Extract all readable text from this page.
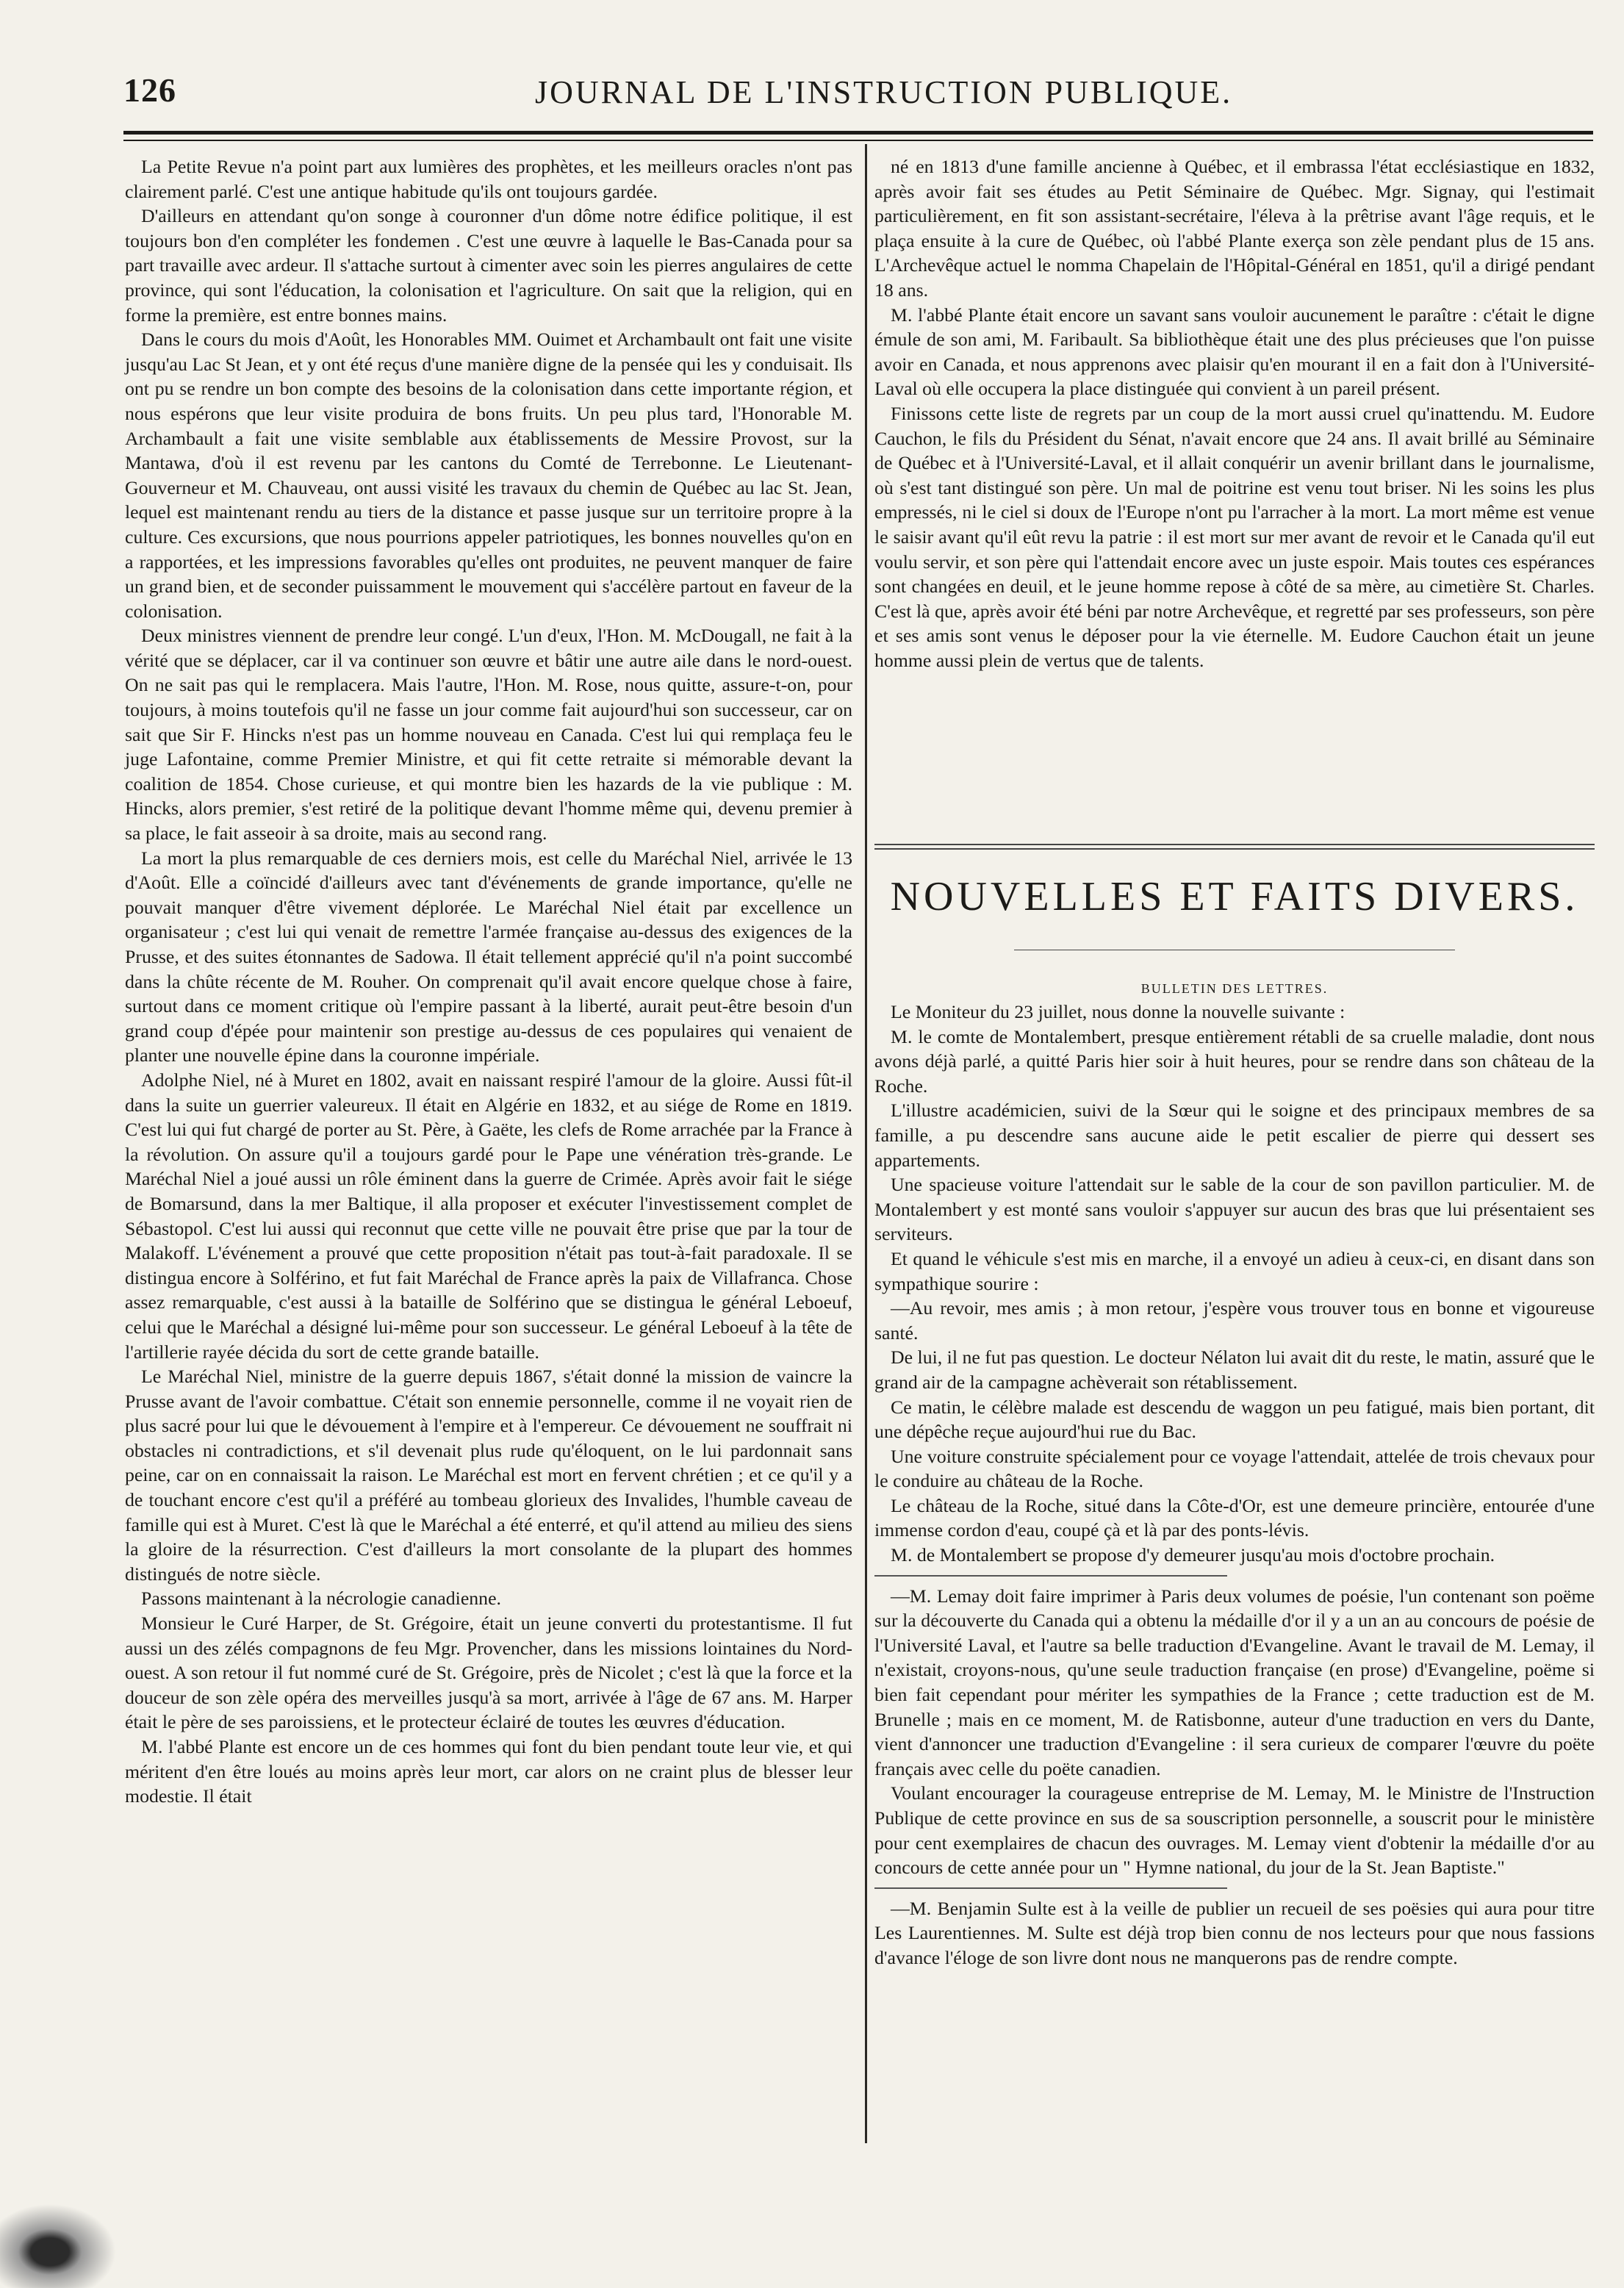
126	JOURNAL DE L'INSTRUCTION PUBLIQUE.

La Petite Revue n'a point part aux lumières des prophètes, et les meilleurs oracles n'ont pas clairement parlé. C'est une antique habitude qu'ils ont toujours gardée.

D'ailleurs en attendant qu'on songe à couronner d'un dôme notre édifice politique, il est toujours bon d'en compléter les fondemen . C'est une œuvre à laquelle le Bas-Canada pour sa part travaille avec ardeur. Il s'attache surtout à cimenter avec soin les pierres angulaires de cette province, qui sont l'éducation, la colonisation et l'agriculture. On sait que la religion, qui en forme la première, est entre bonnes mains.

Dans le cours du mois d'Août, les Honorables MM. Ouimet et Archambault ont fait une visite jusqu'au Lac St Jean, et y ont été reçus d'une manière digne de la pensée qui les y conduisait. Ils ont pu se rendre un bon compte des besoins de la colonisation dans cette importante région, et nous espérons que leur visite produira de bons fruits. Un peu plus tard, l'Honorable M. Archambault a fait une visite semblable aux établissements de Messire Provost, sur la Mantawa, d'où il est revenu par les cantons du Comté de Terrebonne. Le Lieutenant-Gouverneur et M. Chauveau, ont aussi visité les travaux du chemin de Québec au lac St. Jean, lequel est maintenant rendu au tiers de la distance et passe jusque sur un territoire propre à la culture. Ces excursions, que nous pourrions appeler patriotiques, les bonnes nouvelles qu'on en a rapportées, et les impressions favorables qu'elles ont produites, ne peuvent manquer de faire un grand bien, et de seconder puissamment le mouvement qui s'accélère partout en faveur de la colonisation.

Deux ministres viennent de prendre leur congé. L'un d'eux, l'Hon. M. McDougall, ne fait à la vérité que se déplacer, car il va continuer son œuvre et bâtir une autre aile dans le nord-ouest. On ne sait pas qui le remplacera. Mais l'autre, l'Hon. M. Rose, nous quitte, assure-t-on, pour toujours, à moins toutefois qu'il ne fasse un jour comme fait aujourd'hui son successeur, car on sait que Sir F. Hincks n'est pas un homme nouveau en Canada. C'est lui qui remplaça feu le juge Lafontaine, comme Premier Ministre, et qui fit cette retraite si mémorable devant la coalition de 1854. Chose curieuse, et qui montre bien les hazards de la vie publique : M. Hincks, alors premier, s'est retiré de la politique devant l'homme même qui, devenu premier à sa place, le fait asseoir à sa droite, mais au second rang.

La mort la plus remarquable de ces derniers mois, est celle du Maréchal Niel, arrivée le 13 d'Août. Elle a coïncidé d'ailleurs avec tant d'événements de grande importance, qu'elle ne pouvait manquer d'être vivement déplorée. Le Maréchal Niel était par excellence un organisateur ; c'est lui qui venait de remettre l'armée française au-dessus des exigences de la Prusse, et des suites étonnantes de Sadowa. Il était tellement apprécié qu'il n'a point succombé dans la chûte récente de M. Rouher. On comprenait qu'il avait encore quelque chose à faire, surtout dans ce moment critique où l'empire passant à la liberté, aurait peut-être besoin d'un grand coup d'épée pour maintenir son prestige au-dessus de ces populaires qui venaient de planter une nouvelle épine dans la couronne impériale.

Adolphe Niel, né à Muret en 1802, avait en naissant respiré l'amour de la gloire. Aussi fût-il dans la suite un guerrier valeureux. Il était en Algérie en 1832, et au siége de Rome en 1819. C'est lui qui fut chargé de porter au St. Père, à Gaëte, les clefs de Rome arrachée par la France à la révolution. On assure qu'il a toujours gardé pour le Pape une vénération très-grande. Le Maréchal Niel a joué aussi un rôle éminent dans la guerre de Crimée. Après avoir fait le siége de Bomarsund, dans la mer Baltique, il alla proposer et exécuter l'investissement complet de Sébastopol. C'est lui aussi qui reconnut que cette ville ne pouvait être prise que par la tour de Malakoff. L'événement a prouvé que cette proposition n'était pas tout-à-fait paradoxale. Il se distingua encore à Solférino, et fut fait Maréchal de France après la paix de Villafranca. Chose assez remarquable, c'est aussi à la bataille de Solférino que se distingua le général Leboeuf, celui que le Maréchal a désigné lui-même pour son successeur. Le général Leboeuf à la tête de l'artillerie rayée décida du sort de cette grande bataille.

Le Maréchal Niel, ministre de la guerre depuis 1867, s'était donné la mission de vaincre la Prusse avant de l'avoir combattue. C'était son ennemie personnelle, comme il ne voyait rien de plus sacré pour lui que le dévouement à l'empire et à l'empereur. Ce dévouement ne souffrait ni obstacles ni contradictions, et s'il devenait plus rude qu'éloquent, on le lui pardonnait sans peine, car on en connaissait la raison. Le Maréchal est mort en fervent chrétien ; et ce qu'il y a de touchant encore c'est qu'il a préféré au tombeau glorieux des Invalides, l'humble caveau de famille qui est à Muret. C'est là que le Maréchal a été enterré, et qu'il attend au milieu des siens la gloire de la résurrection. C'est d'ailleurs la mort consolante de la plupart des hommes distingués de notre siècle.

Passons maintenant à la nécrologie canadienne.

Monsieur le Curé Harper, de St. Grégoire, était un jeune converti du protestantisme. Il fut aussi un des zélés compagnons de feu Mgr. Provencher, dans les missions lointaines du Nord-ouest. A son retour il fut nommé curé de St. Grégoire, près de Nicolet ; c'est là que la force et la douceur de son zèle opéra des merveilles jusqu'à sa mort, arrivée à l'âge de 67 ans. M. Harper était le père de ses paroissiens, et le protecteur éclairé de toutes les œuvres d'éducation.

M. l'abbé Plante est encore un de ces hommes qui font du bien pendant toute leur vie, et qui méritent d'en être loués au moins après leur mort, car alors on ne craint plus de blesser leur modestie. Il était

né en 1813 d'une famille ancienne à Québec, et il embrassa l'état ecclésiastique en 1832, après avoir fait ses études au Petit Séminaire de Québec. Mgr. Signay, qui l'estimait particulièrement, en fit son assistant-secrétaire, l'éleva à la prêtrise avant l'âge requis, et le plaça ensuite à la cure de Québec, où l'abbé Plante exerça son zèle pendant plus de 15 ans. L'Archevêque actuel le nomma Chapelain de l'Hôpital-Général en 1851, qu'il a dirigé pendant 18 ans.

M. l'abbé Plante était encore un savant sans vouloir aucunement le paraître : c'était le digne émule de son ami, M. Faribault. Sa bibliothèque était une des plus précieuses que l'on puisse avoir en Canada, et nous apprenons avec plaisir qu'en mourant il en a fait don à l'Université-Laval où elle occupera la place distinguée qui convient à un pareil présent.

Finissons cette liste de regrets par un coup de la mort aussi cruel qu'inattendu. M. Eudore Cauchon, le fils du Président du Sénat, n'avait encore que 24 ans. Il avait brillé au Séminaire de Québec et à l'Université-Laval, et il allait conquérir un avenir brillant dans le journalisme, où s'est tant distingué son père. Un mal de poitrine est venu tout briser. Ni les soins les plus empressés, ni le ciel si doux de l'Europe n'ont pu l'arracher à la mort. La mort même est venue le saisir avant qu'il eût revu la patrie : il est mort sur mer avant de revoir et le Canada qu'il eut voulu servir, et son père qui l'attendait encore avec un juste espoir. Mais toutes ces espérances sont changées en deuil, et le jeune homme repose à côté de sa mère, au cimetière St. Charles. C'est là que, après avoir été béni par notre Archevêque, et regretté par ses professeurs, son père et ses amis sont venus le déposer pour la vie éternelle. M. Eudore Cauchon était un jeune homme aussi plein de vertus que de talents.

NOUVELLES ET FAITS DIVERS.
BULLETIN DES LETTRES.

Le Moniteur du 23 juillet, nous donne la nouvelle suivante :

M. le comte de Montalembert, presque entièrement rétabli de sa cruelle maladie, dont nous avons déjà parlé, a quitté Paris hier soir à huit heures, pour se rendre dans son château de la Roche.

L'illustre académicien, suivi de la Sœur qui le soigne et des principaux membres de sa famille, a pu descendre sans aucune aide le petit escalier de pierre qui dessert ses appartements.

Une spacieuse voiture l'attendait sur le sable de la cour de son pavillon particulier. M. de Montalembert y est monté sans vouloir s'appuyer sur aucun des bras que lui présentaient ses serviteurs.

Et quand le véhicule s'est mis en marche, il a envoyé un adieu à ceux-ci, en disant dans son sympathique sourire :

—Au revoir, mes amis ; à mon retour, j'espère vous trouver tous en bonne et vigoureuse santé.

De lui, il ne fut pas question. Le docteur Nélaton lui avait dit du reste, le matin, assuré que le grand air de la campagne achèverait son rétablissement.

Ce matin, le célèbre malade est descendu de waggon un peu fatigué, mais bien portant, dit une dépêche reçue aujourd'hui rue du Bac.

Une voiture construite spécialement pour ce voyage l'attendait, attelée de trois chevaux pour le conduire au château de la Roche.

Le château de la Roche, situé dans la Côte-d'Or, est une demeure princière, entourée d'une immense cordon d'eau, coupé çà et là par des ponts-lévis.

M. de Montalembert se propose d'y demeurer jusqu'au mois d'octobre prochain.

—M. Lemay doit faire imprimer à Paris deux volumes de poésie, l'un contenant son poëme sur la découverte du Canada qui a obtenu la médaille d'or il y a un an au concours de poésie de l'Université Laval, et l'autre sa belle traduction d'Evangeline. Avant le travail de M. Lemay, il n'existait, croyons-nous, qu'une seule traduction française (en prose) d'Evangeline, poëme si bien fait cependant pour mériter les sympathies de la France ; cette traduction est de M. Brunelle ; mais en ce moment, M. de Ratisbonne, auteur d'une traduction en vers du Dante, vient d'annoncer une traduction d'Evangeline : il sera curieux de comparer l'œuvre du poëte français avec celle du poëte canadien.

Voulant encourager la courageuse entreprise de M. Lemay, M. le Ministre de l'Instruction Publique de cette province en sus de sa souscription personnelle, a souscrit pour le ministère pour cent exemplaires de chacun des ouvrages. M. Lemay vient d'obtenir la médaille d'or au concours de cette année pour un " Hymne national, du jour de la St. Jean Baptiste."

—M. Benjamin Sulte est à la veille de publier un recueil de ses poësies qui aura pour titre Les Laurentiennes. M. Sulte est déjà trop bien connu de nos lecteurs pour que nous fassions d'avance l'éloge de son livre dont nous ne manquerons pas de rendre compte.
